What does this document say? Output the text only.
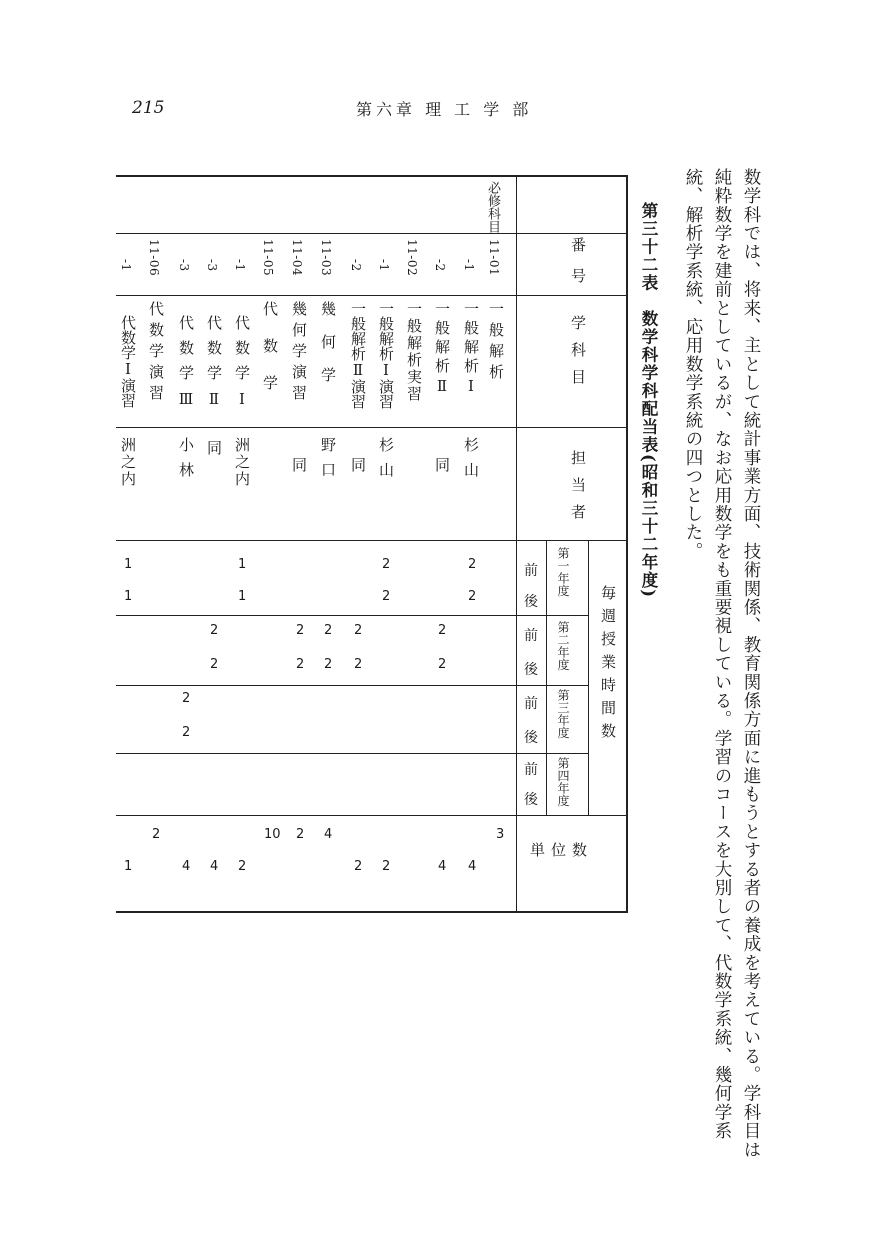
215	第六章 理 工 学 部
数学科では、将来、主として統計事業方面、技術関係、教育関係方面に進もうとする者の養成を考えている。学科目は純粋数学を建前としているが、なお応用数学をも重要視している。学習のコースを大別して、代数学系統、幾何学系統、解析学系統、応用数学系統の四つとした。
第三十二表　数学科学科配当表(昭和三十二年度)
必修科目
番号
学科目
担当者
毎週授業時間数
第一年度
第二年度
第三年度
第四年度
前
後
前
後
前
後
前
後
単位数
11-01
一般解析
3
-1
一般解析Ⅰ
杉山
2
2
4
-2
一般解析Ⅱ
同
2
2
4
11-02
一般解析実習
-1
一般解析Ⅰ演習
杉山
2
2
2
-2
一般解析Ⅱ演習
同
2
2
2
11-03
幾何学
野口
2
2
4
11-04
幾何学演習
同
2
2
2
11-05
代数学
10
-1
代数学Ⅰ
洲之内
1
1
2
-3
代数学Ⅱ
同
2
2
4
-3
代数学Ⅲ
小林
2
2
4
11-06
代数学演習
2
-1
代数学Ⅰ演習
洲之内
1
1
1
